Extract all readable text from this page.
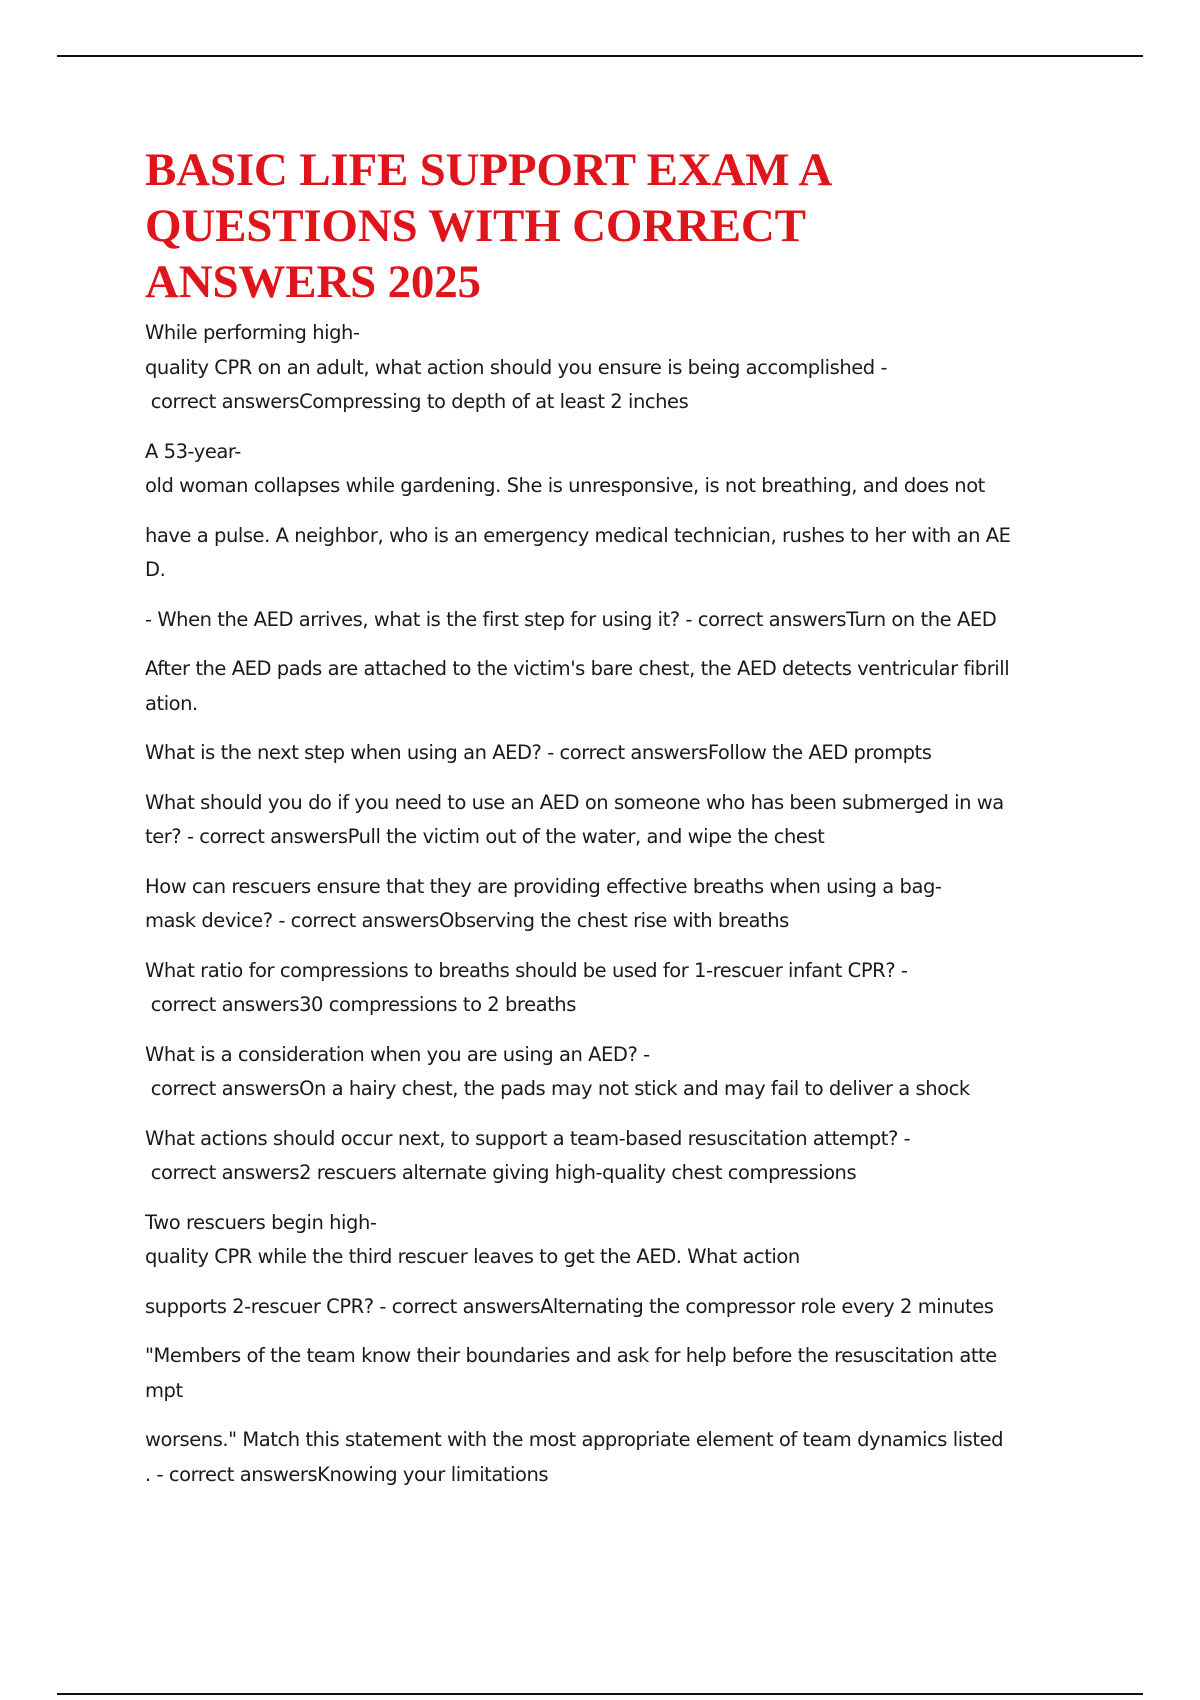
BASIC LIFE SUPPORT EXAM A
QUESTIONS WITH CORRECT
ANSWERS 2025
While performing high-
quality CPR on an adult, what action should you ensure is being accomplished -
correct answersCompressing to depth of at least 2 inches
A 53-year-
old woman collapses while gardening. She is unresponsive, is not breathing, and does not
have a pulse. A neighbor, who is an emergency medical technician, rushes to her with an AE
D.
- When the AED arrives, what is the first step for using it? - correct answersTurn on the AED
After the AED pads are attached to the victim's bare chest, the AED detects ventricular fibrill
ation.
What is the next step when using an AED? - correct answersFollow the AED prompts
What should you do if you need to use an AED on someone who has been submerged in wa
ter? - correct answersPull the victim out of the water, and wipe the chest
How can rescuers ensure that they are providing effective breaths when using a bag-
mask device? - correct answersObserving the chest rise with breaths
What ratio for compressions to breaths should be used for 1-rescuer infant CPR? -
correct answers30 compressions to 2 breaths
What is a consideration when you are using an AED? -
correct answersOn a hairy chest, the pads may not stick and may fail to deliver a shock
What actions should occur next, to support a team-based resuscitation attempt? -
correct answers2 rescuers alternate giving high-quality chest compressions
Two rescuers begin high-
quality CPR while the third rescuer leaves to get the AED. What action
supports 2-rescuer CPR? - correct answersAlternating the compressor role every 2 minutes
"Members of the team know their boundaries and ask for help before the resuscitation atte
mpt
worsens." Match this statement with the most appropriate element of team dynamics listed
. - correct answersKnowing your limitations
